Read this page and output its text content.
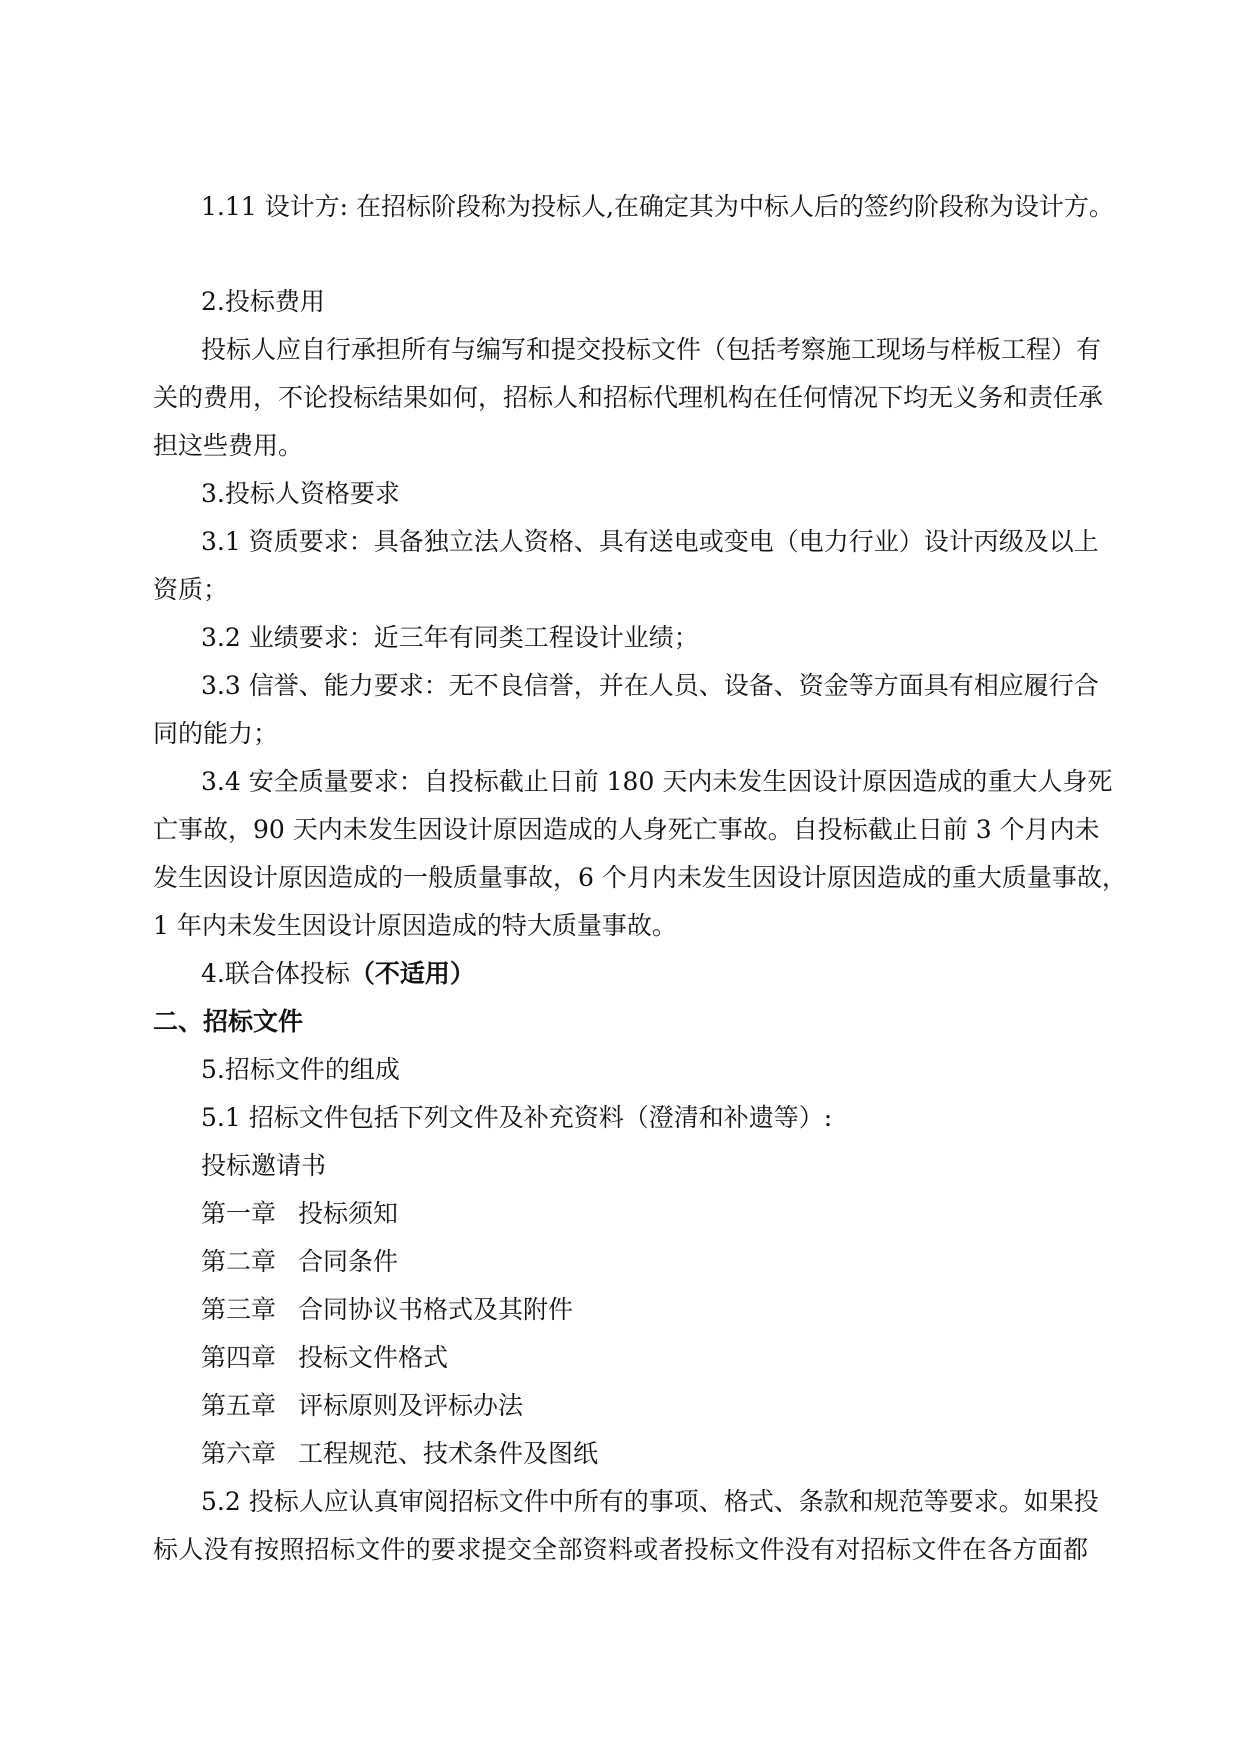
1.11 设计方: 在招标阶段称为投标人,在确定其为中标人后的签约阶段称为设计方。
2.投标费用
投标人应自行承担所有与编写和提交投标文件（包括考察施工现场与样板工程）有
关的费用，不论投标结果如何，招标人和招标代理机构在任何情况下均无义务和责任承
担这些费用。
3.投标人资格要求
3.1 资质要求：具备独立法人资格、具有送电或变电（电力行业）设计丙级及以上
资质；
3.2 业绩要求：近三年有同类工程设计业绩；
3.3 信誉、能力要求：无不良信誉，并在人员、设备、资金等方面具有相应履行合
同的能力；
3.4 安全质量要求：自投标截止日前 180 天内未发生因设计原因造成的重大人身死
亡事故，90 天内未发生因设计原因造成的人身死亡事故。自投标截止日前 3 个月内未
发生因设计原因造成的一般质量事故，6 个月内未发生因设计原因造成的重大质量事故，
1 年内未发生因设计原因造成的特大质量事故。
4.联合体投标（不适用）
二、招标文件
5.招标文件的组成
5.1 招标文件包括下列文件及补充资料（澄清和补遗等）:
投标邀请书
第一章 投标须知
第二章 合同条件
第三章 合同协议书格式及其附件
第四章 投标文件格式
第五章 评标原则及评标办法
第六章 工程规范、技术条件及图纸
5.2 投标人应认真审阅招标文件中所有的事项、格式、条款和规范等要求。如果投
标人没有按照招标文件的要求提交全部资料或者投标文件没有对招标文件在各方面都
